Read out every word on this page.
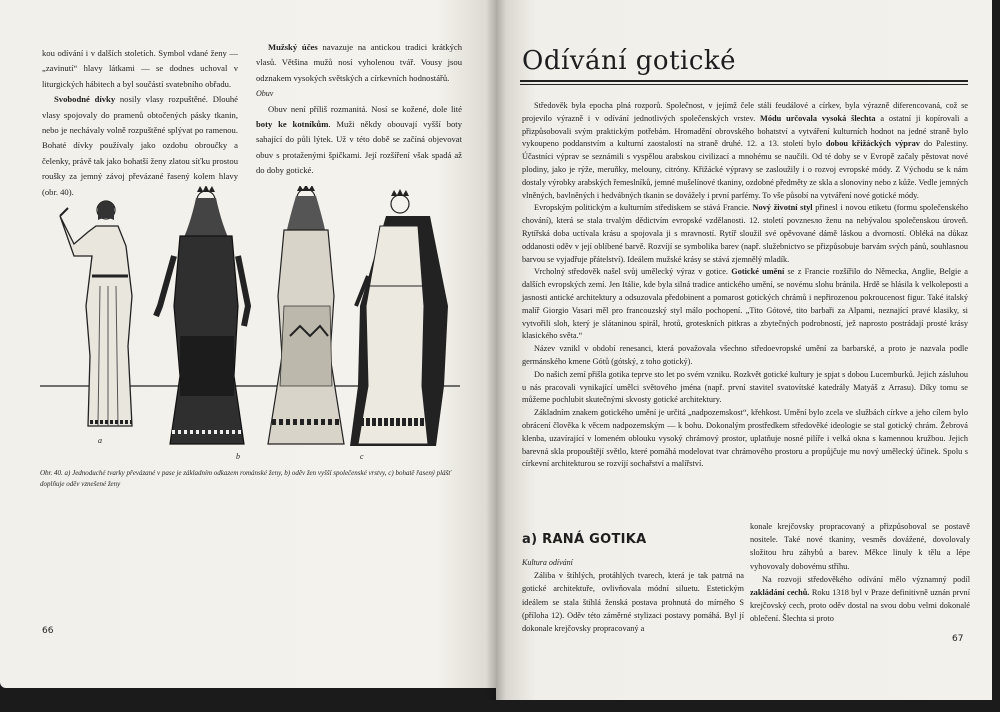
kou odívání i v dalších stoletích. Symbol vdané ženy — „zavinutí“ hlavy látkami — se dodnes uchoval v liturgických hábitech a byl součástí svatebního obřadu.

Svobodné dívky nosily vlasy rozpuštěné. Dlouhé vlasy spojovaly do pramenů obtočených pásky tkanin, nebo je nechávaly volně rozpuštěné splývat po ramenou. Bohaté dívky používaly jako ozdobu obroučky a čelenky, právě tak jako bohatší ženy zlatou síťku prostou roušky za jemný závoj převázané řasený kolem hlavy (obr. 40).

Mužský účes navazuje na antickou tradici krátkých vlasů. Většina mužů nosí vyholenou tvář. Vousy jsou odznakem vysokých světských a církevních hodnostářů.

Obuv

Obuv není příliš rozmanitá. Nosí se kožené, dole lité boty ke kotníkům. Muži někdy obouvají vyšší boty sahající do půli lýtek. Už v této době se začíná objevovat obuv s protaženými špičkami. Její rozšíření však spadá až do doby gotické.

a
b	c
Obr. 40. a) Jednoduché tvarky převázané v pase je základním odkazem románské ženy, b) oděv žen vyšší společenské vrstvy, c) bohatě řasený plášť doplňuje oděv vznešené ženy
66
Odívání gotické

Středověk byla epocha plná rozporů. Společnost, v jejímž čele stáli feudálové a církev, byla výrazně diferencovaná, což se projevilo výrazně i v odívání jednotlivých společenských vrstev. Módu určovala vysoká šlechta a ostatní ji kopírovali a přizpůsobovali svým praktickým potřebám. Hromadění obrovského bohatství a vytváření kulturních hodnot na jedné straně bylo vykoupeno poddanstvím a kulturní zaostalostí na straně druhé. 12. a 13. století bylo dobou křižáckých výprav do Palestiny. Účastníci výprav se seznámili s vyspělou arabskou civilizací a mnohému se naučili. Od té doby se v Evropě začaly pěstovat nové plodiny, jako je rýže, meruňky, melouny, citróny. Křižácké výpravy se zasloužily i o rozvoj evropské módy. Z Východu se k nám dostaly výrobky arabských řemeslníků, jemné mušelínové tkaniny, ozdobné předměty ze skla a slonoviny nebo z kůže. Vedle jemných vlněných, bavlněných i hedvábných tkanin se dovážely i první parfémy. To vše působí na vytváření nové gotické módy.

Evropským politickým a kulturním střediskem se stává Francie. Nový životní styl přinesl i novou etiketu (formu společenského chování), která se stala trvalým dědictvím evropské vzdělanosti. 12. století povznesло ženu na nebývalou společenskou úroveň. Rytířská doba uctívala krásu a spojovala ji s mravností. Rytíř sloužil své opěvované dámě láskou a dvorností. Obléká na důkaz oddanosti oděv v její oblíbené barvě. Rozvíjí se symbolika barev (např. služebnictvo se přizpůsobuje barvám svých pánů, souhlasnou barvou se vyjadřuje přátelství). Ideálem mužské krásy se stává zjemnělý mladík.

Vrcholný středověk našel svůj umělecký výraz v gotice. Gotické umění se z Francie rozšířilo do Německa, Anglie, Belgie a dalších evropských zemí. Jen Itálie, kde byla silná tradice antického umění, se novému slohu bránila. Hrdě se hlásila k velkoleposti a jasnosti antické architektury a odsuzovala předobinent a pomarost gotických chrámů i nepřirozenou pokroucenost figur. Také italský malíř Giorgio Vasari měl pro francouzský styl málo pochopení. „Tito Gótové, tito barbaři za Alpami, neznající pravé klasiky, si vytvořili sloh, který je slátaninou spirál, hrotů, groteskních pitkras a zbytečných podrobností, jež naprosto postrádají prosté krásy klasického světa.“

Název vznikl v období renesanci, která považovala všechno středoevropské umění za barbarské, a proto je nazvala podle germánského kmene Gótů (gótský, z toho gotický).

Do našich zemí přišla gotika teprve sto let po svém vzniku. Rozkvět gotické kultury je spjat s dobou Lucemburků. Jejich zásluhou u nás pracovali vynikající umělci světového jména (např. první stavitel svatovítské katedrály Matyáš z Arrasu). Díky tomu se můžeme pochlubit skutečnými skvosty gotické architektury.

Základním znakem gotického umění je určitá „nadpozemskost“, křehkost. Umění bylo zcela ve službách církve a jeho cílem bylo obrácení člověka k věcem nadpozemským — k bohu. Dokonalým prostředkem středověké ideologie se stal gotický chrám. Žebrová klenba, uzavírající v lomeném oblouku vysoký chrámový prostor, uplatňuje nosné pilíře i velká okna s kamennou kružbou. Jejich barevná skla propouštějí světlo, které pomáhá modelovat tvar chrámového prostoru a propůjčuje mu nový umělecký účinek. Spolu s církevní architekturou se rozvíjí sochařství a malířství.

a) RANÁ GOTIKA
Kultura odívání

Záliba v štíhlých, protáhlých tvarech, která je tak patrná na gotické architektuře, ovlivňovala módní siluetu. Estetickým ideálem se stala štíhlá ženská postava prohnutá do mírného S (příloha 12). Oděv této záměrné stylizaci postavy pomáhá. Byl jí dokonale krejčovsky propracovaný a

konale krejčovsky propracovaný a přizpůsoboval se postavě nositele. Také nové tkaniny, vesměs dovážené, dovolovaly složitou hru záhybů a barev. Měkce linuly k tělu a lépe vyhovovaly dobovému stříhu.

Na rozvoji středověkého odívání mělo významný podíl zakládání cechů. Roku 1318 byl v Praze definitivně uznán první krejčovský cech, proto oděv dostal na svou dobu velmi dokonalé oblečení. Šlechta si proto

67
